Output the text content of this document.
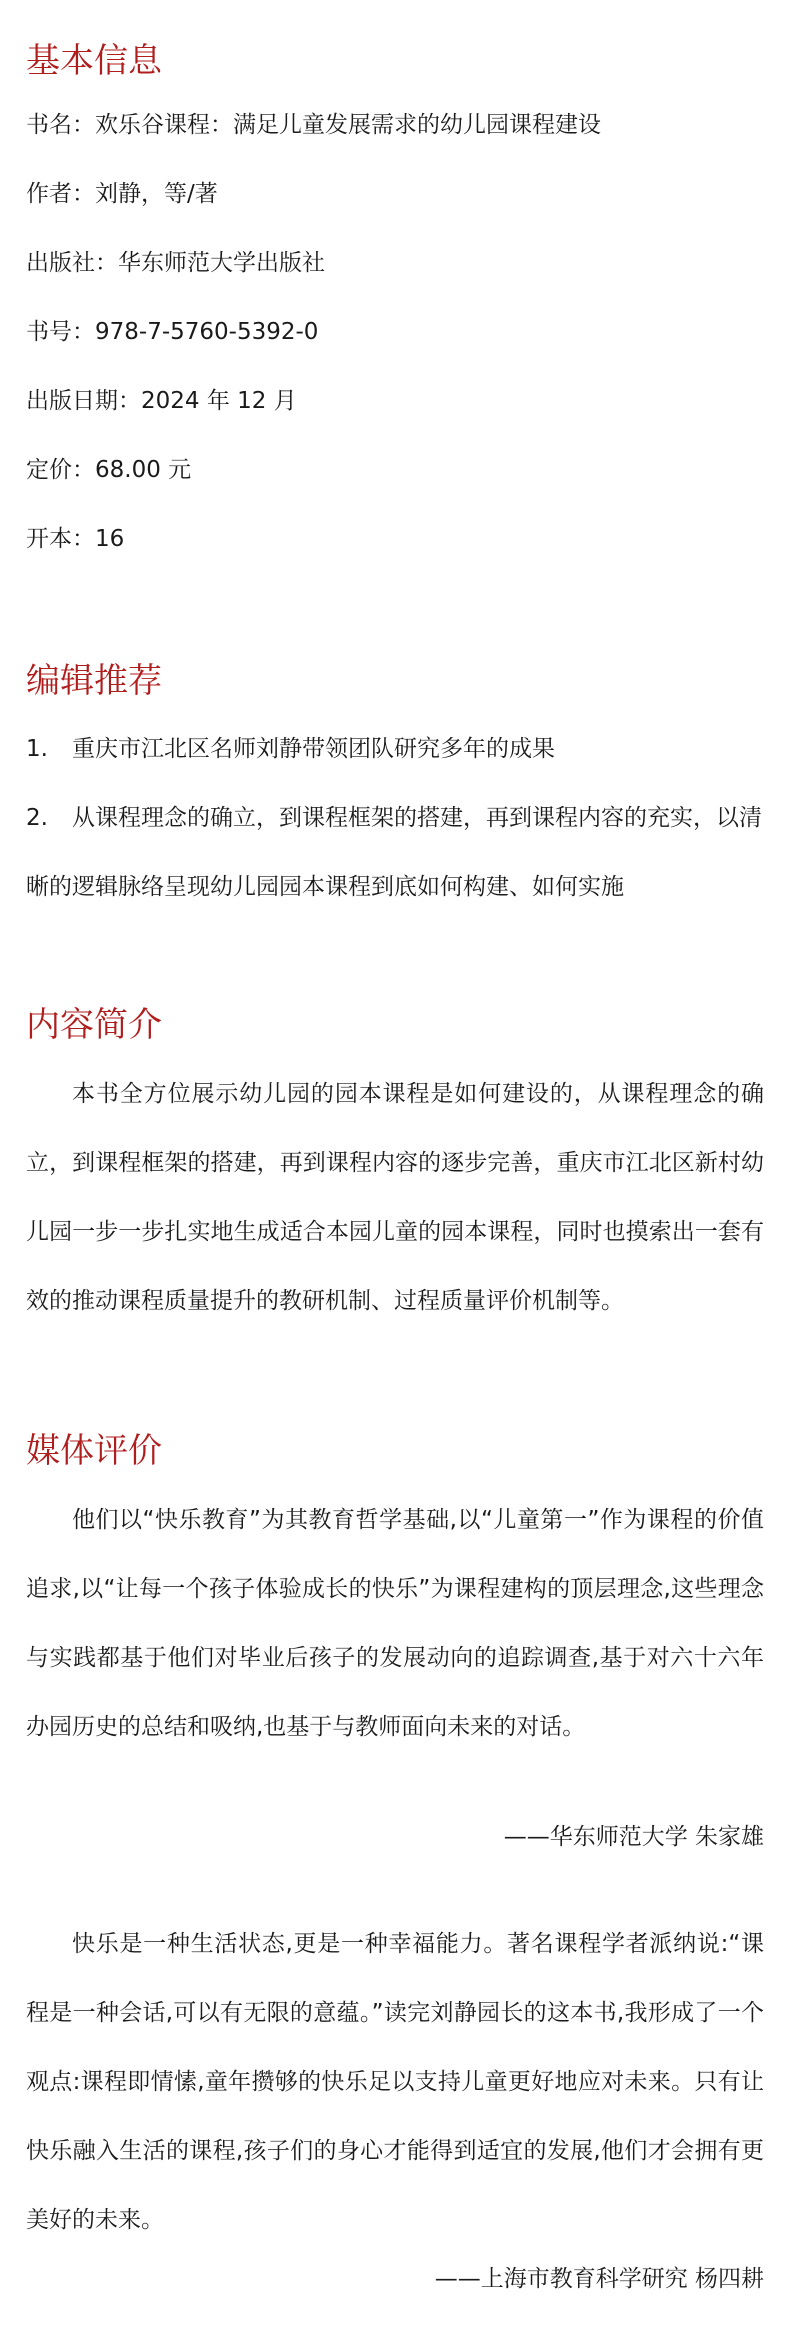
基本信息

书名：欢乐谷课程：满足儿童发展需求的幼儿园课程建设

作者：刘静，等/著

出版社：华东师范大学出版社

书号：978-7-5760-5392-0

出版日期：2024 年 12 月

定价：68.00 元

开本：16

编辑推荐

1. 重庆市江北区名师刘静带领团队研究多年的成果

2. 从课程理念的确立，到课程框架的搭建，再到课程内容的充实，以清晰的逻辑脉络呈现幼儿园园本课程到底如何构建、如何实施

内容简介

本书全方位展示幼儿园的园本课程是如何建设的，从课程理念的确立，到课程框架的搭建，再到课程内容的逐步完善，重庆市江北区新村幼儿园一步一步扎实地生成适合本园儿童的园本课程，同时也摸索出一套有效的推动课程质量提升的教研机制、过程质量评价机制等。

媒体评价

他们以“快乐教育”为其教育哲学基础,以“儿童第一”作为课程的价值追求,以“让每一个孩子体验成长的快乐”为课程建构的顶层理念,这些理念与实践都基于他们对毕业后孩子的发展动向的追踪调查,基于对六十六年办园历史的总结和吸纳,也基于与教师面向未来的对话。

——华东师范大学 朱家雄

快乐是一种生活状态,更是一种幸福能力。著名课程学者派纳说:“课程是一种会话,可以有无限的意蕴。”读完刘静园长的这本书,我形成了一个观点:课程即情愫,童年攒够的快乐足以支持儿童更好地应对未来。只有让快乐融入生活的课程,孩子们的身心才能得到适宜的发展,他们才会拥有更美好的未来。

——上海市教育科学研究 杨四耕
